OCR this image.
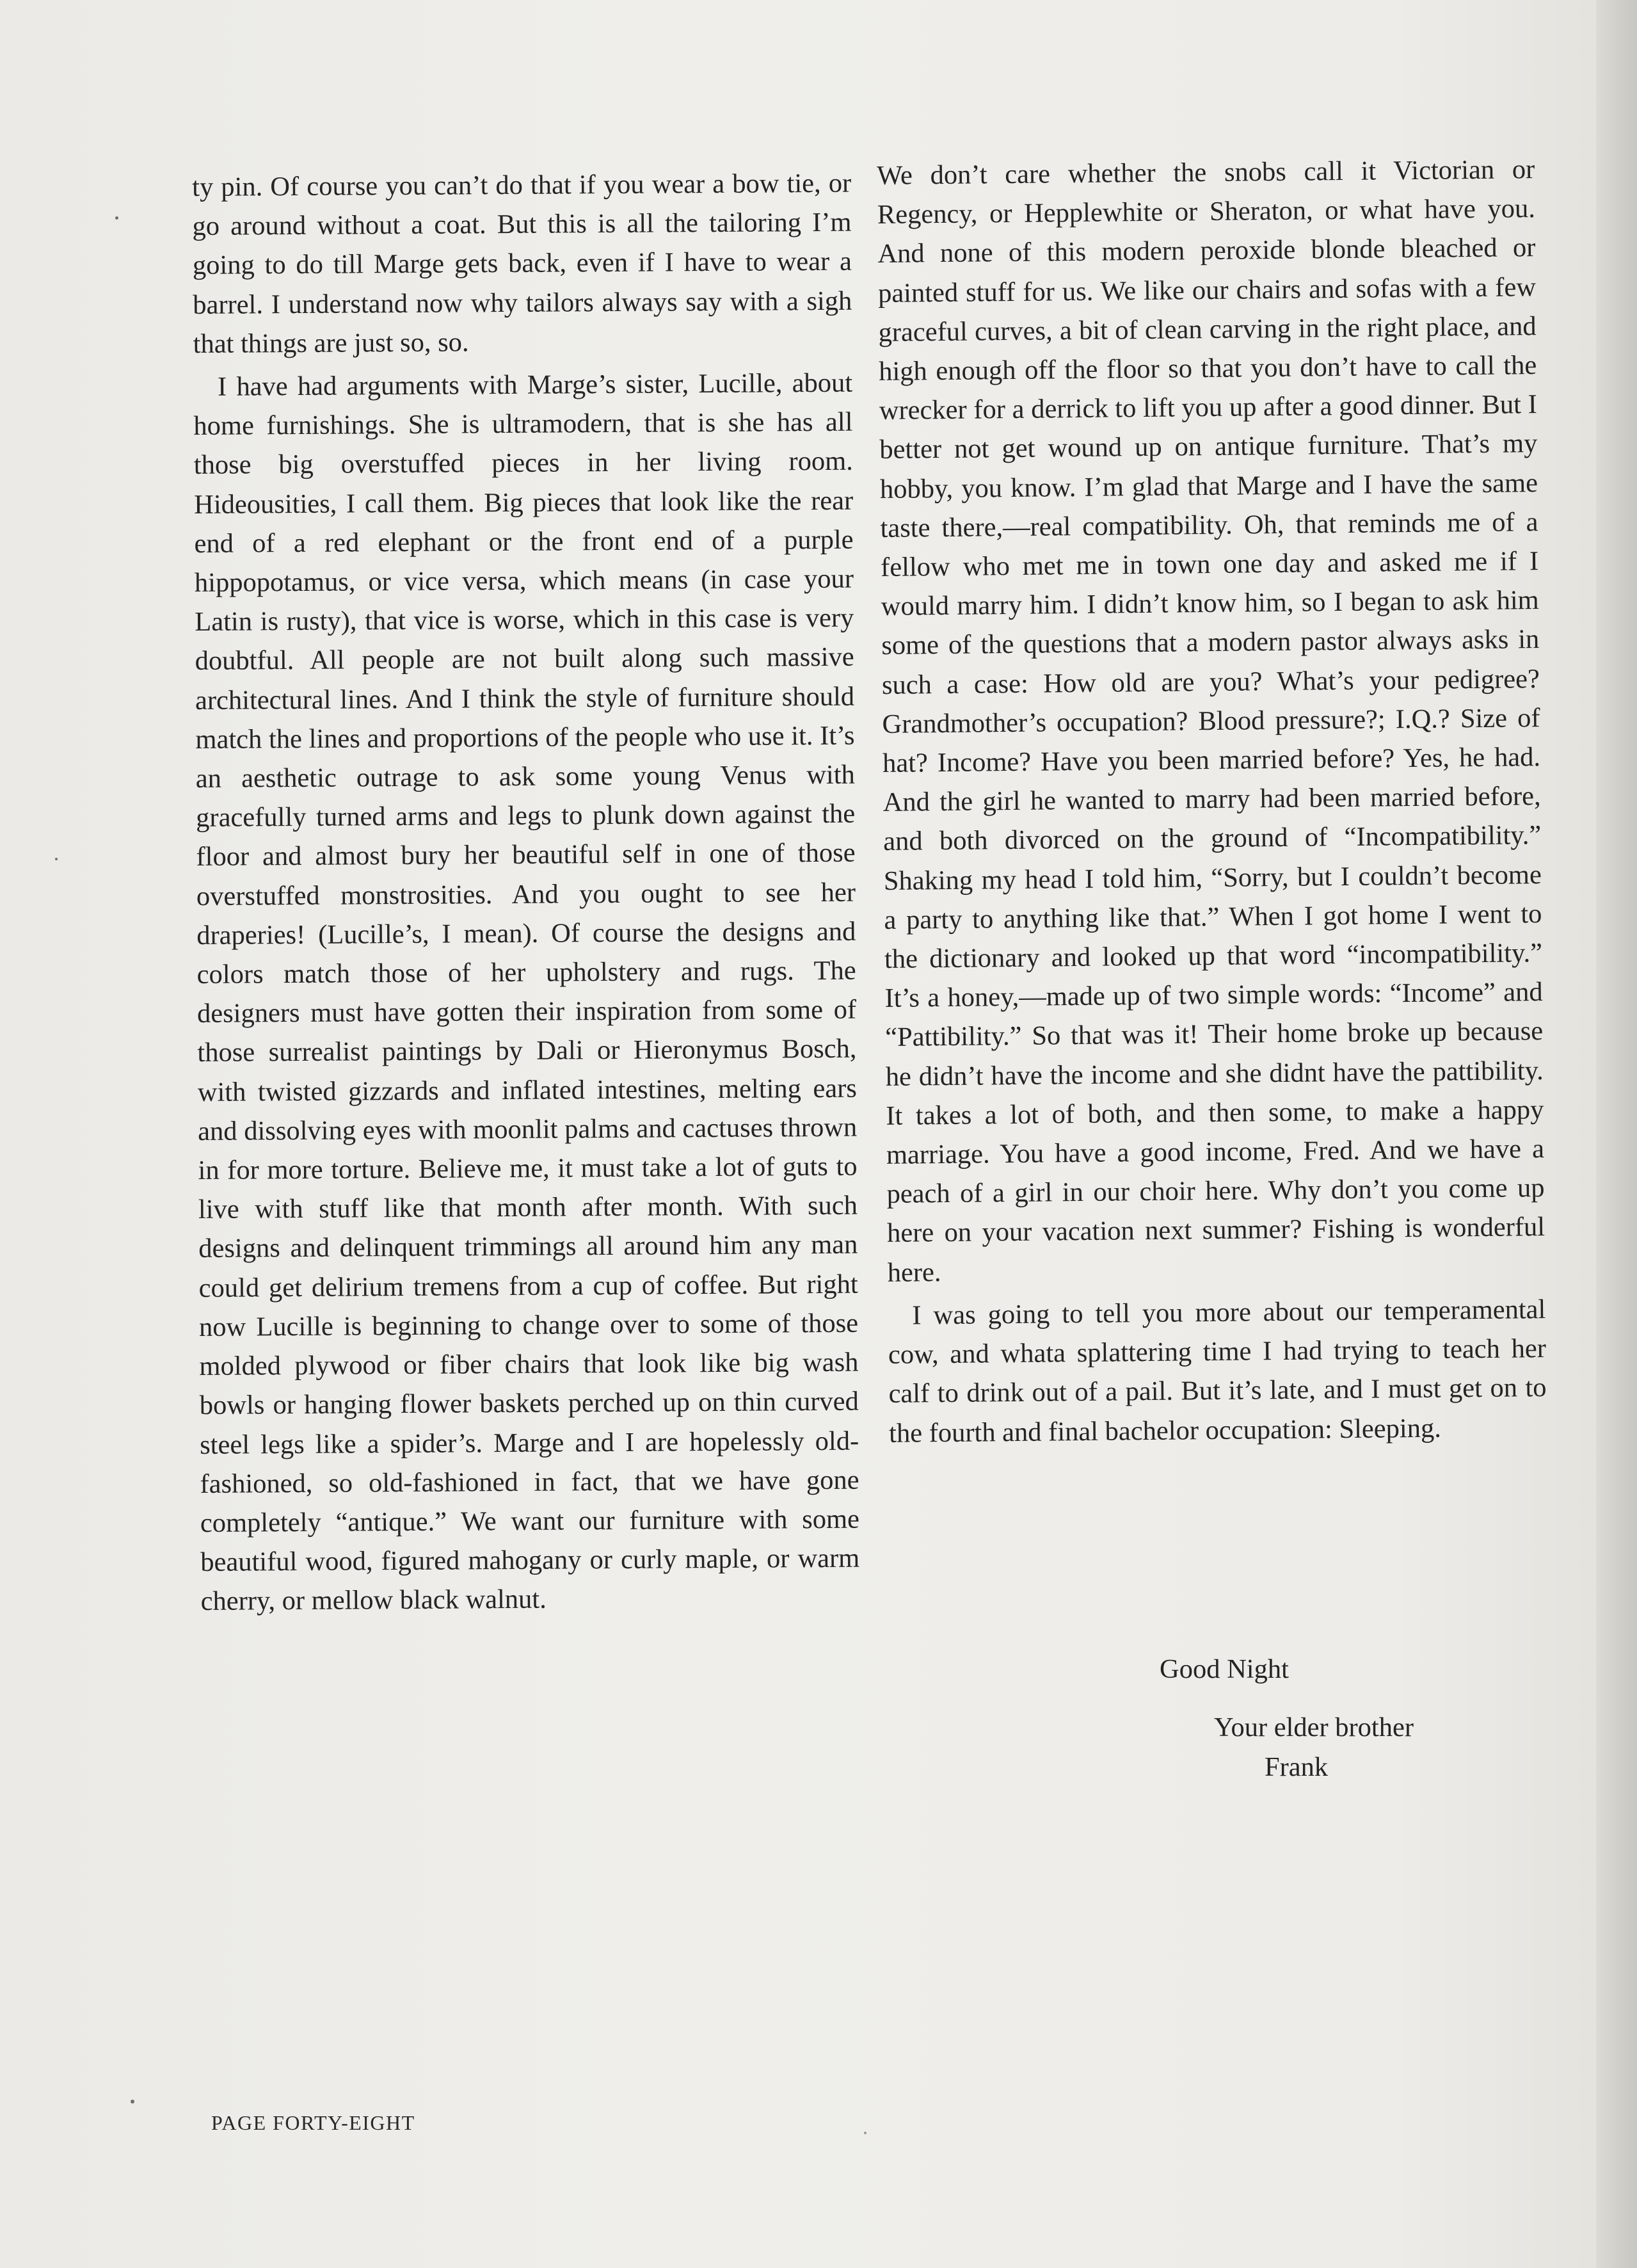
ty pin. Of course you can’t do that if you wear a bow tie, or go around without a coat. But this is all the tailoring I’m going to do till Marge gets back, even if I have to wear a barrel. I understand now why tailors always say with a sigh that things are just so, so.

I have had arguments with Marge’s sister, Lucille, about home furnishings. She is ultramodern, that is she has all those big overstuffed pieces in her living room. Hideousities, I call them. Big pieces that look like the rear end of a red elephant or the front end of a purple hippopotamus, or vice versa, which means (in case your Latin is rusty), that vice is worse, which in this case is very doubtful. All people are not built along such massive architectural lines. And I think the style of furniture should match the lines and proportions of the people who use it. It’s an aesthetic outrage to ask some young Venus with gracefully turned arms and legs to plunk down against the floor and almost bury her beautiful self in one of those overstuffed monstrosities. And you ought to see her draperies! (Lucille’s, I mean). Of course the designs and colors match those of her upholstery and rugs. The designers must have gotten their inspiration from some of those surrealist paintings by Dali or Hieronymus Bosch, with twisted gizzards and inflated intestines, melting ears and dissolving eyes with moonlit palms and cactuses thrown in for more torture. Believe me, it must take a lot of guts to live with stuff like that month after month. With such designs and delinquent trimmings all around him any man could get delirium tremens from a cup of coffee. But right now Lucille is beginning to change over to some of those molded plywood or fiber chairs that look like big wash bowls or hanging flower baskets perched up on thin curved steel legs like a spider’s. Marge and I are hopelessly old-fashioned, so old-fashioned in fact, that we have gone completely “antique.” We want our furniture with some beautiful wood, figured mahogany or curly maple, or warm cherry, or mellow black walnut.

We don’t care whether the snobs call it Victorian or Regency, or Hepplewhite or Sheraton, or what have you. And none of this modern peroxide blonde bleached or painted stuff for us. We like our chairs and sofas with a few graceful curves, a bit of clean carving in the right place, and high enough off the floor so that you don’t have to call the wrecker for a derrick to lift you up after a good dinner. But I better not get wound up on antique furniture. That’s my hobby, you know. I’m glad that Marge and I have the same taste there,—real compatibility. Oh, that reminds me of a fellow who met me in town one day and asked me if I would marry him. I didn’t know him, so I began to ask him some of the questions that a modern pastor always asks in such a case: How old are you? What’s your pedigree? Grandmother’s occupation? Blood pressure?; I.Q.? Size of hat? Income? Have you been married before? Yes, he had. And the girl he wanted to marry had been married before, and both divorced on the ground of “Incompatibility.” Shaking my head I told him, “Sorry, but I couldn’t become a party to anything like that.” When I got home I went to the dictionary and looked up that word “incompatibility.” It’s a honey,—made up of two simple words: “Income” and “Pattibility.” So that was it! Their home broke up because he didn’t have the income and she didnt have the pattibility. It takes a lot of both, and then some, to make a happy marriage. You have a good income, Fred. And we have a peach of a girl in our choir here. Why don’t you come up here on your vacation next summer? Fishing is wonderful here.

I was going to tell you more about our temperamental cow, and whata splattering time I had trying to teach her calf to drink out of a pail. But it’s late, and I must get on to the fourth and final bachelor occupation: Sleeping.

Good Night
Your elder brother
Frank
PAGE FORTY-EIGHT
